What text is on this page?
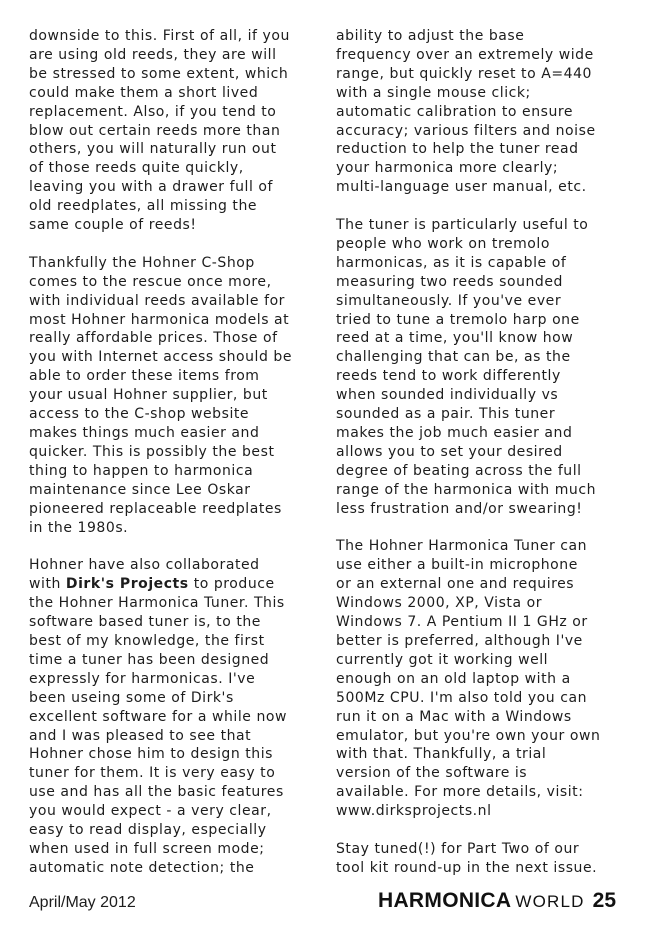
downside to this. First of all, if you
are using old reeds, they are will
be stressed to some extent, which
could make them a short lived
replacement. Also, if you tend to
blow out certain reeds more than
others, you will naturally run out
of those reeds quite quickly,
leaving you with a drawer full of
old reedplates, all missing the
same couple of reeds!

Thankfully the Hohner C-Shop
comes to the rescue once more,
with individual reeds available for
most Hohner harmonica models at
really affordable prices. Those of
you with Internet access should be
able to order these items from
your usual Hohner supplier, but
access to the C-shop website
makes things much easier and
quicker. This is possibly the best
thing to happen to harmonica
maintenance since Lee Oskar
pioneered replaceable reedplates
in the 1980s.

Hohner have also collaborated
with Dirk's Projects to produce
the Hohner Harmonica Tuner. This
software based tuner is, to the
best of my knowledge, the first
time a tuner has been designed
expressly for harmonicas. I've
been useing some of Dirk's
excellent software for a while now
and I was pleased to see that
Hohner chose him to design this
tuner for them. It is very easy to
use and has all the basic features
you would expect - a very clear,
easy to read display, especially
when used in full screen mode;
automatic note detection; the

ability to adjust the base
frequency over an extremely wide
range, but quickly reset to A=440
with a single mouse click;
automatic calibration to ensure
accuracy; various filters and noise
reduction to help the tuner read
your harmonica more clearly;
multi-language user manual, etc.

The tuner is particularly useful to
people who work on tremolo
harmonicas, as it is capable of
measuring two reeds sounded
simultaneously. If you've ever
tried to tune a tremolo harp one
reed at a time, you'll know how
challenging that can be, as the
reeds tend to work differently
when sounded individually vs
sounded as a pair. This tuner
makes the job much easier and
allows you to set your desired
degree of beating across the full
range of the harmonica with much
less frustration and/or swearing!

The Hohner Harmonica Tuner can
use either a built-in microphone
or an external one and requires
Windows 2000, XP, Vista or
Windows 7. A Pentium II 1 GHz or
better is preferred, although I've
currently got it working well
enough on an old laptop with a
500Mz CPU. I'm also told you can
run it on a Mac with a Windows
emulator, but you're own your own
with that. Thankfully, a trial
version of the software is
available. For more details, visit:
www.dirksprojects.nl

Stay tuned(!) for Part Two of our
tool kit round-up in the next issue.

April/May 2012	HARMONICA WORLD 25
